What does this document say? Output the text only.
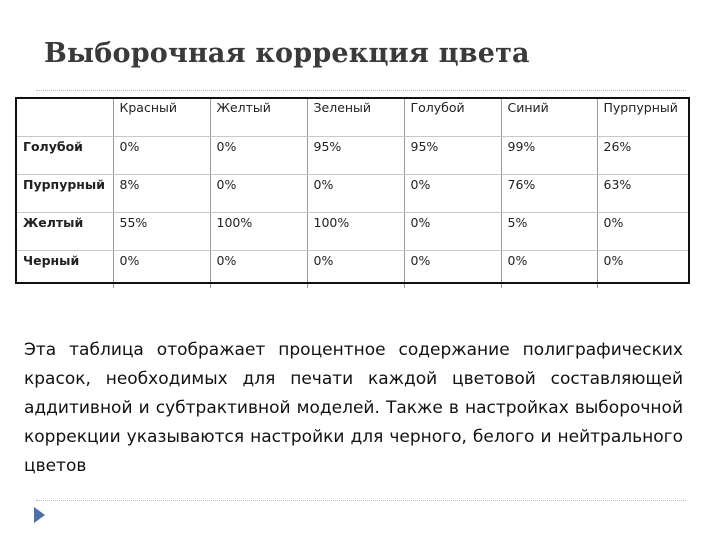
Выборочная коррекция цвета
	Красный	Желтый	Зеленый	Голубой	Синий	Пурпурный
Голубой	0%	0%	95%	95%	99%	26%
Пурпурный	8%	0%	0%	0%	76%	63%
Желтый	55%	100%	100%	0%	5%	0%
Черный	0%	0%	0%	0%	0%	0%
Эта таблица отображает процентное содержание полиграфических красок, необходимых для печати каждой цветовой составляющей аддитивной и субтрактивной моделей. Также в настройках выборочной коррекции указываются настройки для черного, белого и нейтрального цветов
